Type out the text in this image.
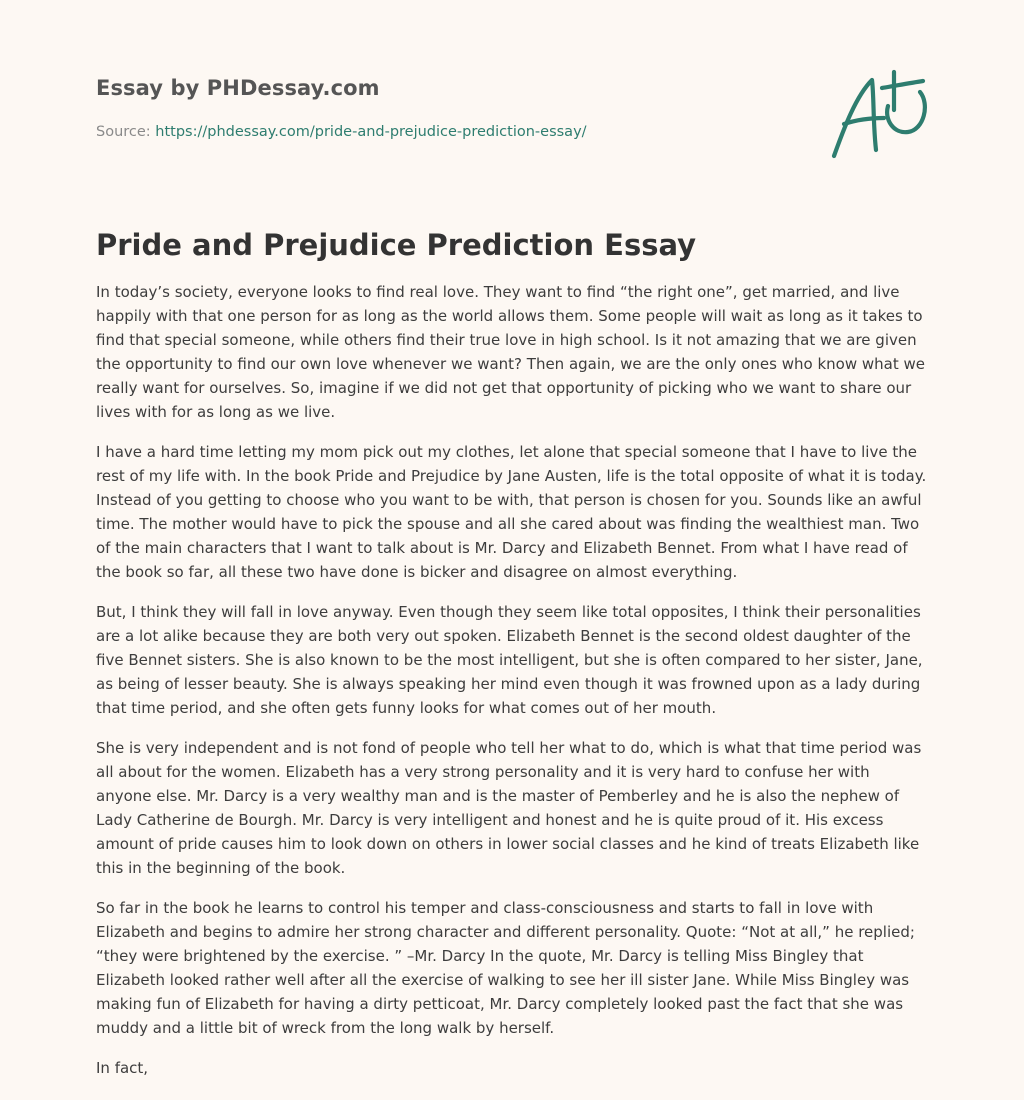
Essay by PHDessay.com
Source: https://phdessay.com/pride-and-prejudice-prediction-essay/
Pride and Prejudice Prediction Essay

In today’s society, everyone looks to find real love. They want to find “the right one”, get married, and live happily with that one person for as long as the world allows them. Some people will wait as long as it takes to find that special someone, while others find their true love in high school. Is it not amazing that we are given the opportunity to find our own love whenever we want? Then again, we are the only ones who know what we really want for ourselves. So, imagine if we did not get that opportunity of picking who we want to share our lives with for as long as we live.

I have a hard time letting my mom pick out my clothes, let alone that special someone that I have to live the rest of my life with. In the book Pride and Prejudice by Jane Austen, life is the total opposite of what it is today. Instead of you getting to choose who you want to be with, that person is chosen for you. Sounds like an awful time. The mother would have to pick the spouse and all she cared about was finding the wealthiest man. Two of the main characters that I want to talk about is Mr. Darcy and Elizabeth Bennet. From what I have read of the book so far, all these two have done is bicker and disagree on almost everything.

But, I think they will fall in love anyway. Even though they seem like total opposites, I think their personalities are a lot alike because they are both very out spoken. Elizabeth Bennet is the second oldest daughter of the five Bennet sisters. She is also known to be the most intelligent, but she is often compared to her sister, Jane, as being of lesser beauty. She is always speaking her mind even though it was frowned upon as a lady during that time period, and she often gets funny looks for what comes out of her mouth.

She is very independent and is not fond of people who tell her what to do, which is what that time period was all about for the women. Elizabeth has a very strong personality and it is very hard to confuse her with anyone else. Mr. Darcy is a very wealthy man and is the master of Pemberley and he is also the nephew of Lady Catherine de Bourgh. Mr. Darcy is very intelligent and honest and he is quite proud of it. His excess amount of pride causes him to look down on others in lower social classes and he kind of treats Elizabeth like this in the beginning of the book.

So far in the book he learns to control his temper and class-consciousness and starts to fall in love with Elizabeth and begins to admire her strong character and different personality. Quote: “Not at all,” he replied; “they were brightened by the exercise. ” –Mr. Darcy In the quote, Mr. Darcy is telling Miss Bingley that Elizabeth looked rather well after all the exercise of walking to see her ill sister Jane. While Miss Bingley was making fun of Elizabeth for having a dirty petticoat, Mr. Darcy completely looked past the fact that she was muddy and a little bit of wreck from the long walk by herself.

In fact,
